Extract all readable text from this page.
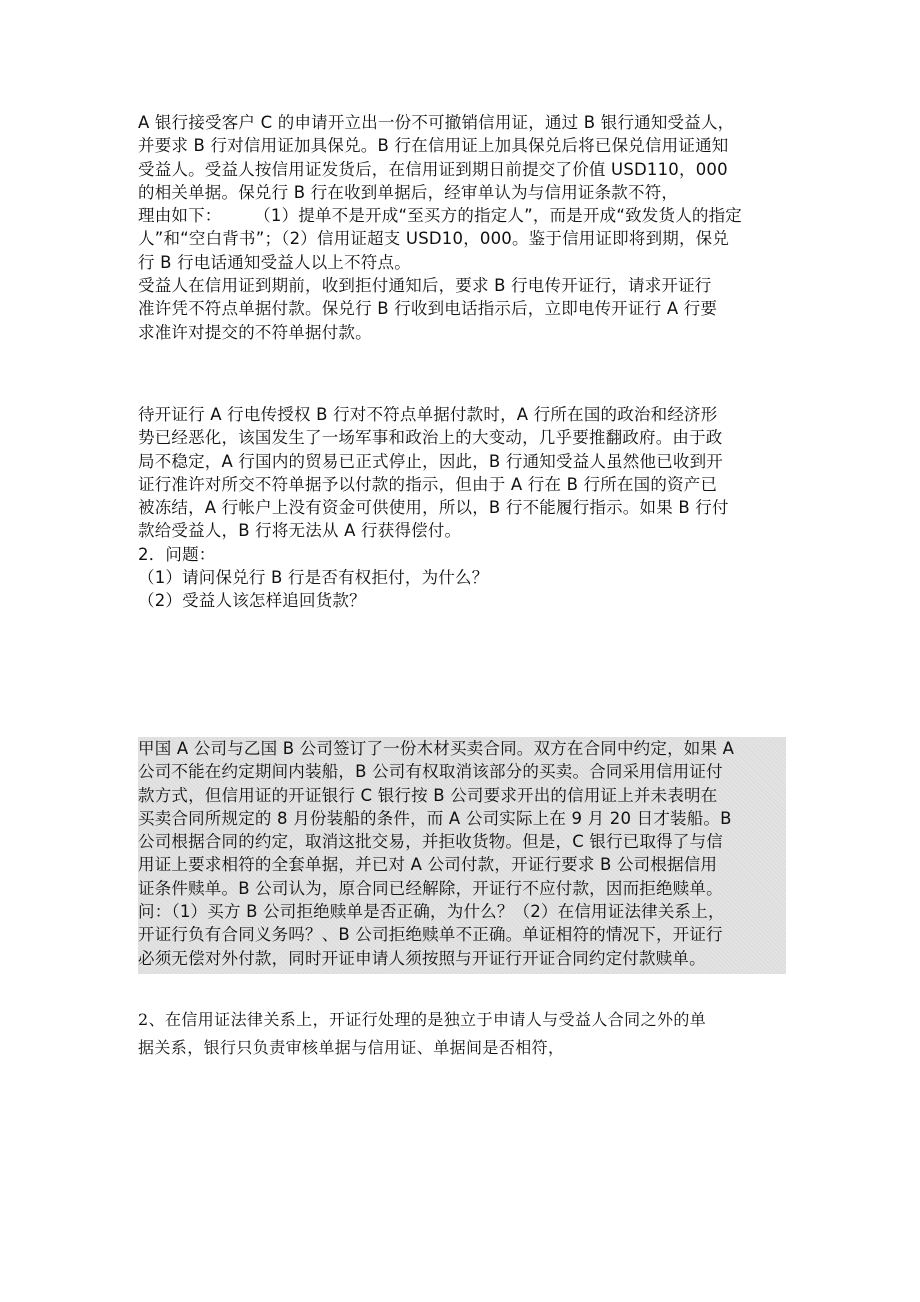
A 银行接受客户 C 的申请开立出一份不可撤销信用证，通过 B 银行通知受益人，
并要求 B 行对信用证加具保兑。B 行在信用证上加具保兑后将已保兑信用证通知
受益人。受益人按信用证发货后，在信用证到期日前提交了价值 USD110，000
的相关单据。保兑行 B 行在收到单据后，经审单认为与信用证条款不符，
理由如下：      （1）提单不是开成“至买方的指定人”，而是开成“致发货人的指定
人”和“空白背书”；（2）信用证超支 USD10，000。鉴于信用证即将到期，保兑
行 B 行电话通知受益人以上不符点。
受益人在信用证到期前，收到拒付通知后，要求 B 行电传开证行，请求开证行
准许凭不符点单据付款。保兑行 B 行收到电话指示后，立即电传开证行 A 行要
求准许对提交的不符单据付款。
待开证行 A 行电传授权 B 行对不符点单据付款时，A 行所在国的政治和经济形
势已经恶化，该国发生了一场军事和政治上的大变动，几乎要推翻政府。由于政
局不稳定，A 行国内的贸易已正式停止，因此，B 行通知受益人虽然他已收到开
证行准许对所交不符单据予以付款的指示，但由于 A 行在 B 行所在国的资产已
被冻结，A 行帐户上没有资金可供使用，所以，B 行不能履行指示。如果 B 行付
款给受益人，B 行将无法从 A 行获得偿付。
2．问题：
（1）请问保兑行 B 行是否有权拒付，为什么？
（2）受益人该怎样追回货款？
甲国 A 公司与乙国 B 公司签订了一份木材买卖合同。双方在合同中约定，如果 A
公司不能在约定期间内装船，B 公司有权取消该部分的买卖。合同采用信用证付
款方式，但信用证的开证银行 C 银行按 B 公司要求开出的信用证上并未表明在
买卖合同所规定的 8 月份装船的条件，而 A 公司实际上在 9 月 20 日才装船。B
公司根据合同的约定，取消这批交易，并拒收货物。但是，C 银行已取得了与信
用证上要求相符的全套单据，并已对 A 公司付款，开证行要求 B 公司根据信用
证条件赎单。B 公司认为，原合同已经解除，开证行不应付款，因而拒绝赎单。
问：（1）买方 B 公司拒绝赎单是否正确，为什么？（2）在信用证法律关系上，
开证行负有合同义务吗？、B 公司拒绝赎单不正确。单证相符的情况下，开证行
必须无偿对外付款，同时开证申请人须按照与开证行开证合同约定付款赎单。
2、在信用证法律关系上，开证行处理的是独立于申请人与受益人合同之外的单
据关系，银行只负责审核单据与信用证、单据间是否相符，
